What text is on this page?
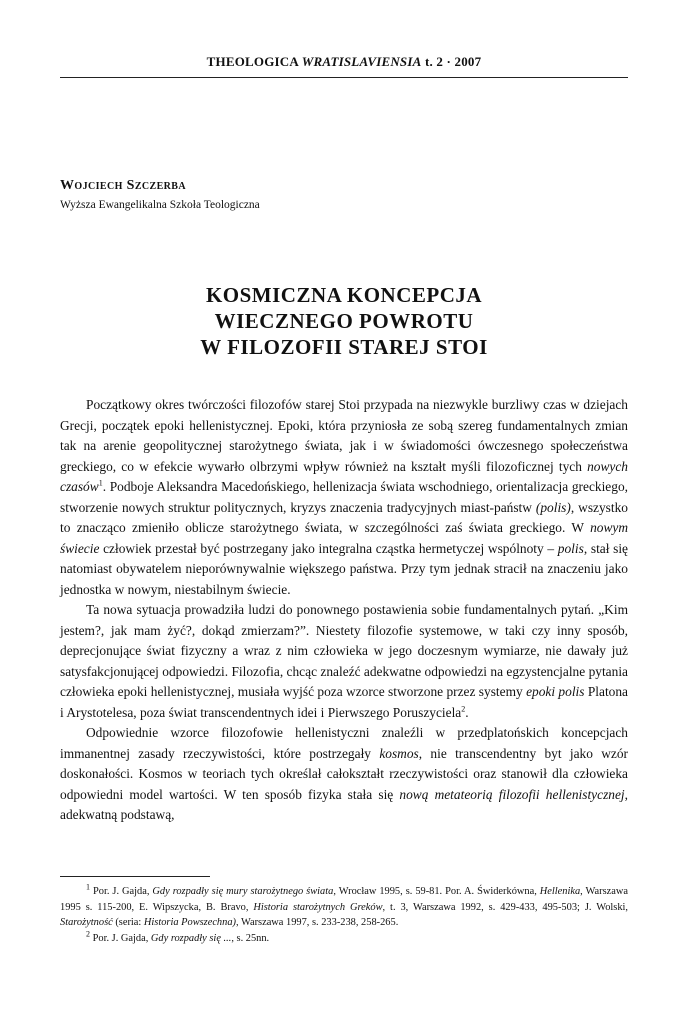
THEOLOGICA WRATISLAVIENSIA t. 2 · 2007
Wojciech Szczerba
Wyższa Ewangelikalna Szkoła Teologiczna
KOSMICZNA KONCEPCJA
WIECZNEGO POWROTU
W FILOZOFII STAREJ STOI

Początkowy okres twórczości filozofów starej Stoi przypada na niezwykle burzliwy czas w dziejach Grecji, początek epoki hellenistycznej. Epoki, która przyniosła ze sobą szereg fundamentalnych zmian tak na arenie geopolitycznej starożytnego świata, jak i w świadomości ówczesnego społeczeństwa greckiego, co w efekcie wywarło olbrzymi wpływ również na kształt myśli filozoficznej tych nowych czasów$^1$. Podboje Aleksandra Macedońskiego, hellenizacja świata wschodniego, orientalizacja greckiego, stworzenie nowych struktur politycznych, kryzys znaczenia tradycyjnych miast-państw (polis), wszystko to znacząco zmieniło oblicze starożytnego świata, w szczególności zaś świata greckiego. W nowym świecie człowiek przestał być postrzegany jako integralna cząstka hermetyczej wspólnoty – polis, stał się natomiast obywatelem nieporównywalnie większego państwa. Przy tym jednak stracił na znaczeniu jako jednostka w nowym, niestabilnym świecie.

Ta nowa sytuacja prowadziła ludzi do ponownego postawienia sobie fundamentalnych pytań. „Kim jestem?, jak mam żyć?, dokąd zmierzam?”. Niestety filozofie systemowe, w taki czy inny sposób, deprecjonujące świat fizyczny a wraz z nim człowieka w jego doczesnym wymiarze, nie dawały już satysfakcjonującej odpowiedzi. Filozofia, chcąc znaleźć adekwatne odpowiedzi na egzystencjalne pytania człowieka epoki hellenistycznej, musiała wyjść poza wzorce stworzone przez systemy epoki polis Platona i Arystotelesa, poza świat transcendentnych idei i Pierwszego Poruszyciela$^2$.

Odpowiednie wzorce filozofowie hellenistyczni znaleźli w przedplatońskich koncepcjach immanentnej zasady rzeczywistości, które postrzegały kosmos, nie transcendentny byt jako wzór doskonałości. Kosmos w teoriach tych określał całokształt rzeczywistości oraz stanowił dla człowieka odpowiedni model wartości. W ten sposób fizyka stała się nową metateorią filozofii hellenistycznej, adekwatną podstawą,

$^1$ Por. J. Gajda, Gdy rozpadły się mury starożytnego świata, Wrocław 1995, s. 59-81. Por. A. Świderkówna, Hellenika, Warszawa 1995 s. 115-200, E. Wipszycka, B. Bravo, Historia starożytnych Greków, t. 3, Warszawa 1992, s. 429-433, 495-503; J. Wolski, Starożytność (seria: Historia Powszechna), Warszawa 1997, s. 233-238, 258-265.

$^2$ Por. J. Gajda, Gdy rozpadły się ..., s. 25nn.
